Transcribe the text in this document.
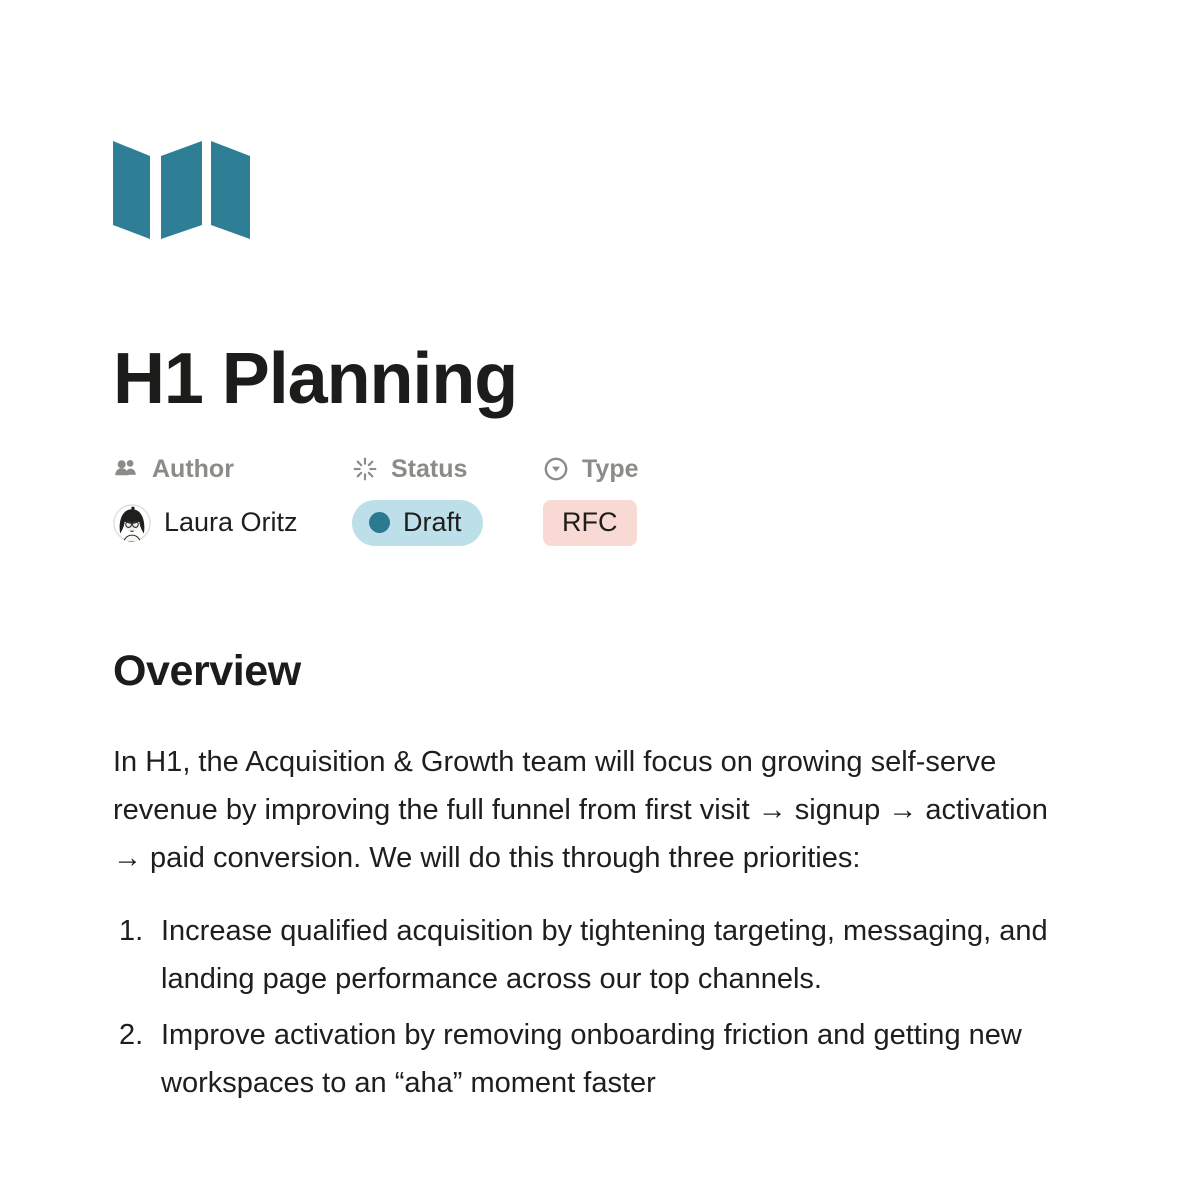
H1 Planning
Author
Laura Oritz
Status
Draft
Type
RFC
Overview

In H1, the Acquisition & Growth team will focus on growing self-serve revenue by improving the full funnel from first visit → signup → activation → paid conversion. We will do this through three priorities:

1. Increase qualified acquisition by tightening targeting, messaging, and landing page performance across our top channels.
2. Improve activation by removing onboarding friction and getting new workspaces to an “aha” moment faster
